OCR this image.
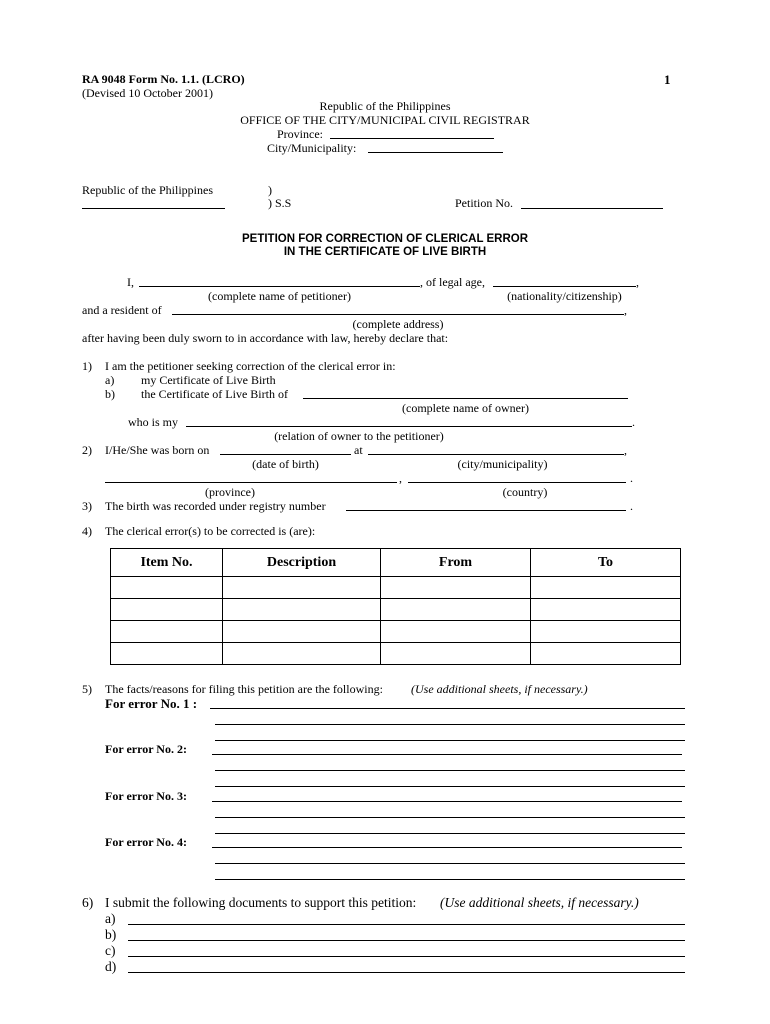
RA 9048 Form No. 1.1. (LCRO)
(Devised 10 October 2001)
1
Republic of the Philippines
OFFICE OF THE CITY/MUNICIPAL CIVIL REGISTRAR
Province:
City/Municipality:
Republic of the Philippines	)
) S.S	Petition No.
PETITION FOR CORRECTION OF CLERICAL ERROR
IN THE CERTIFICATE OF LIVE BIRTH
I,	, of legal age,	,
(complete name of petitioner)	(nationality/citizenship)
and a resident of	,
(complete address)
after having been duly sworn to in accordance with law, hereby declare that:
1) I am the petitioner seeking correction of the clerical error in:
a) my Certificate of Live Birth
b) the Certificate of Live Birth of
(complete name of owner)
who is my	.
(relation of owner to the petitioner)
2) I/He/She was born on	at	,
(date of birth)	(city/municipality)
,	.
(province)	(country)
3) The birth was recorded under registry number	.
4) The clerical error(s) to be corrected is (are):
Item No.	Description	From	To

5) The facts/reasons for filing this petition are the following: (Use additional sheets, if necessary.)
For error No. 1 :
For error No. 2:
For error No. 3:
For error No. 4:
6) I submit the following documents to support this petition: (Use additional sheets, if necessary.)
a)
b)
c)
d)
